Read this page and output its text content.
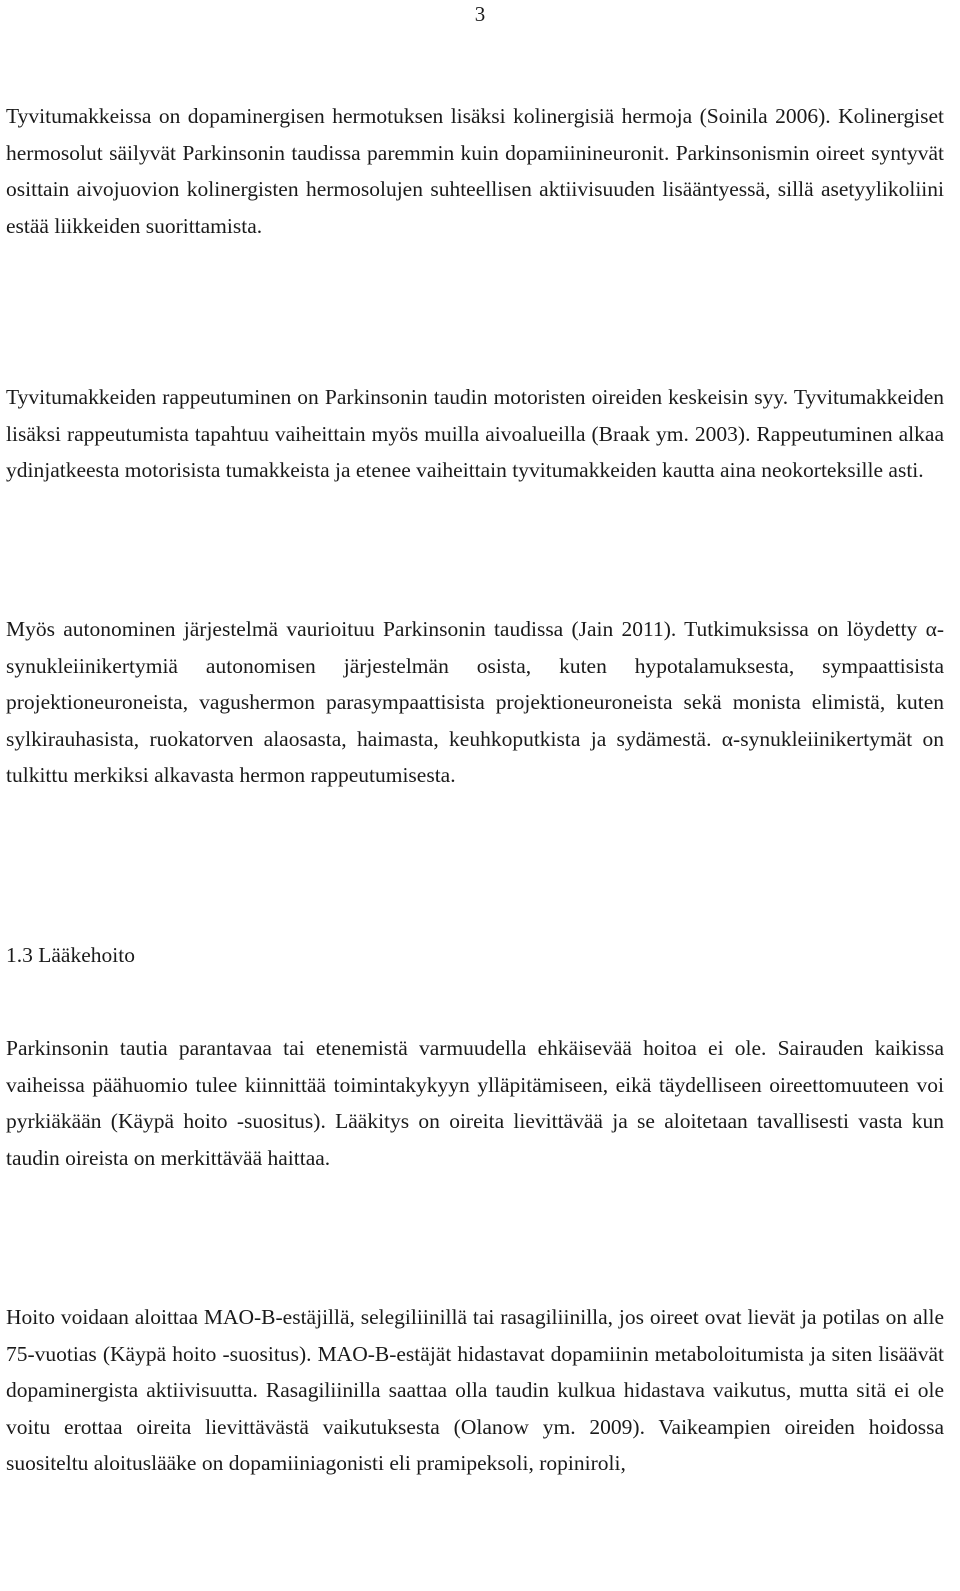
3

Tyvitumakkeissa on dopaminergisen hermotuksen lisäksi kolinergisiä hermoja (Soinila 2006). Kolinergiset hermosolut säilyvät Parkinsonin taudissa paremmin kuin dopamiinineuronit. Parkinsonismin oireet syntyvät osittain aivojuovion kolinergisten hermosolujen suhteellisen aktiivisuuden lisääntyessä, sillä asetyylikoliini estää liikkeiden suorittamista.

Tyvitumakkeiden rappeutuminen on Parkinsonin taudin motoristen oireiden keskeisin syy. Tyvitumakkeiden lisäksi rappeutumista tapahtuu vaiheittain myös muilla aivoalueilla (Braak ym. 2003). Rappeutuminen alkaa ydinjatkeesta motorisista tumakkeista ja etenee vaiheittain tyvitumakkeiden kautta aina neokorteksille asti.

Myös autonominen järjestelmä vaurioituu Parkinsonin taudissa (Jain 2011). Tutkimuksissa on löydetty α-synukleiinikertymiä autonomisen järjestelmän osista, kuten hypotalamuksesta, sympaattisista projektioneuroneista, vagushermon parasympaattisista projektioneuroneista sekä monista elimistä, kuten sylkirauhasista, ruokatorven alaosasta, haimasta, keuhkoputkista ja sydämestä. α-synukleiinikertymät on tulkittu merkiksi alkavasta hermon rappeutumisesta.

1.3 Lääkehoito

Parkinsonin tautia parantavaa tai etenemistä varmuudella ehkäisevää hoitoa ei ole. Sairauden kaikissa vaiheissa päähuomio tulee kiinnittää toimintakykyyn ylläpitämiseen, eikä täydelliseen oireettomuuteen voi pyrkiäkään (Käypä hoito -suositus). Lääkitys on oireita lievittävää ja se aloitetaan tavallisesti vasta kun taudin oireista on merkittävää haittaa.

Hoito voidaan aloittaa MAO-B-estäjillä, selegiliinillä tai rasagiliinilla, jos oireet ovat lievät ja potilas on alle 75-vuotias (Käypä hoito -suositus). MAO-B-estäjät hidastavat dopamiinin metaboloitumista ja siten lisäävät dopaminergista aktiivisuutta. Rasagiliinilla saattaa olla taudin kulkua hidastava vaikutus, mutta sitä ei ole voitu erottaa oireita lievittävästä vaikutuksesta (Olanow ym. 2009). Vaikeampien oireiden hoidossa suositeltu aloituslääke on dopamiiniagonisti eli pramipeksoli, ropiniroli,
